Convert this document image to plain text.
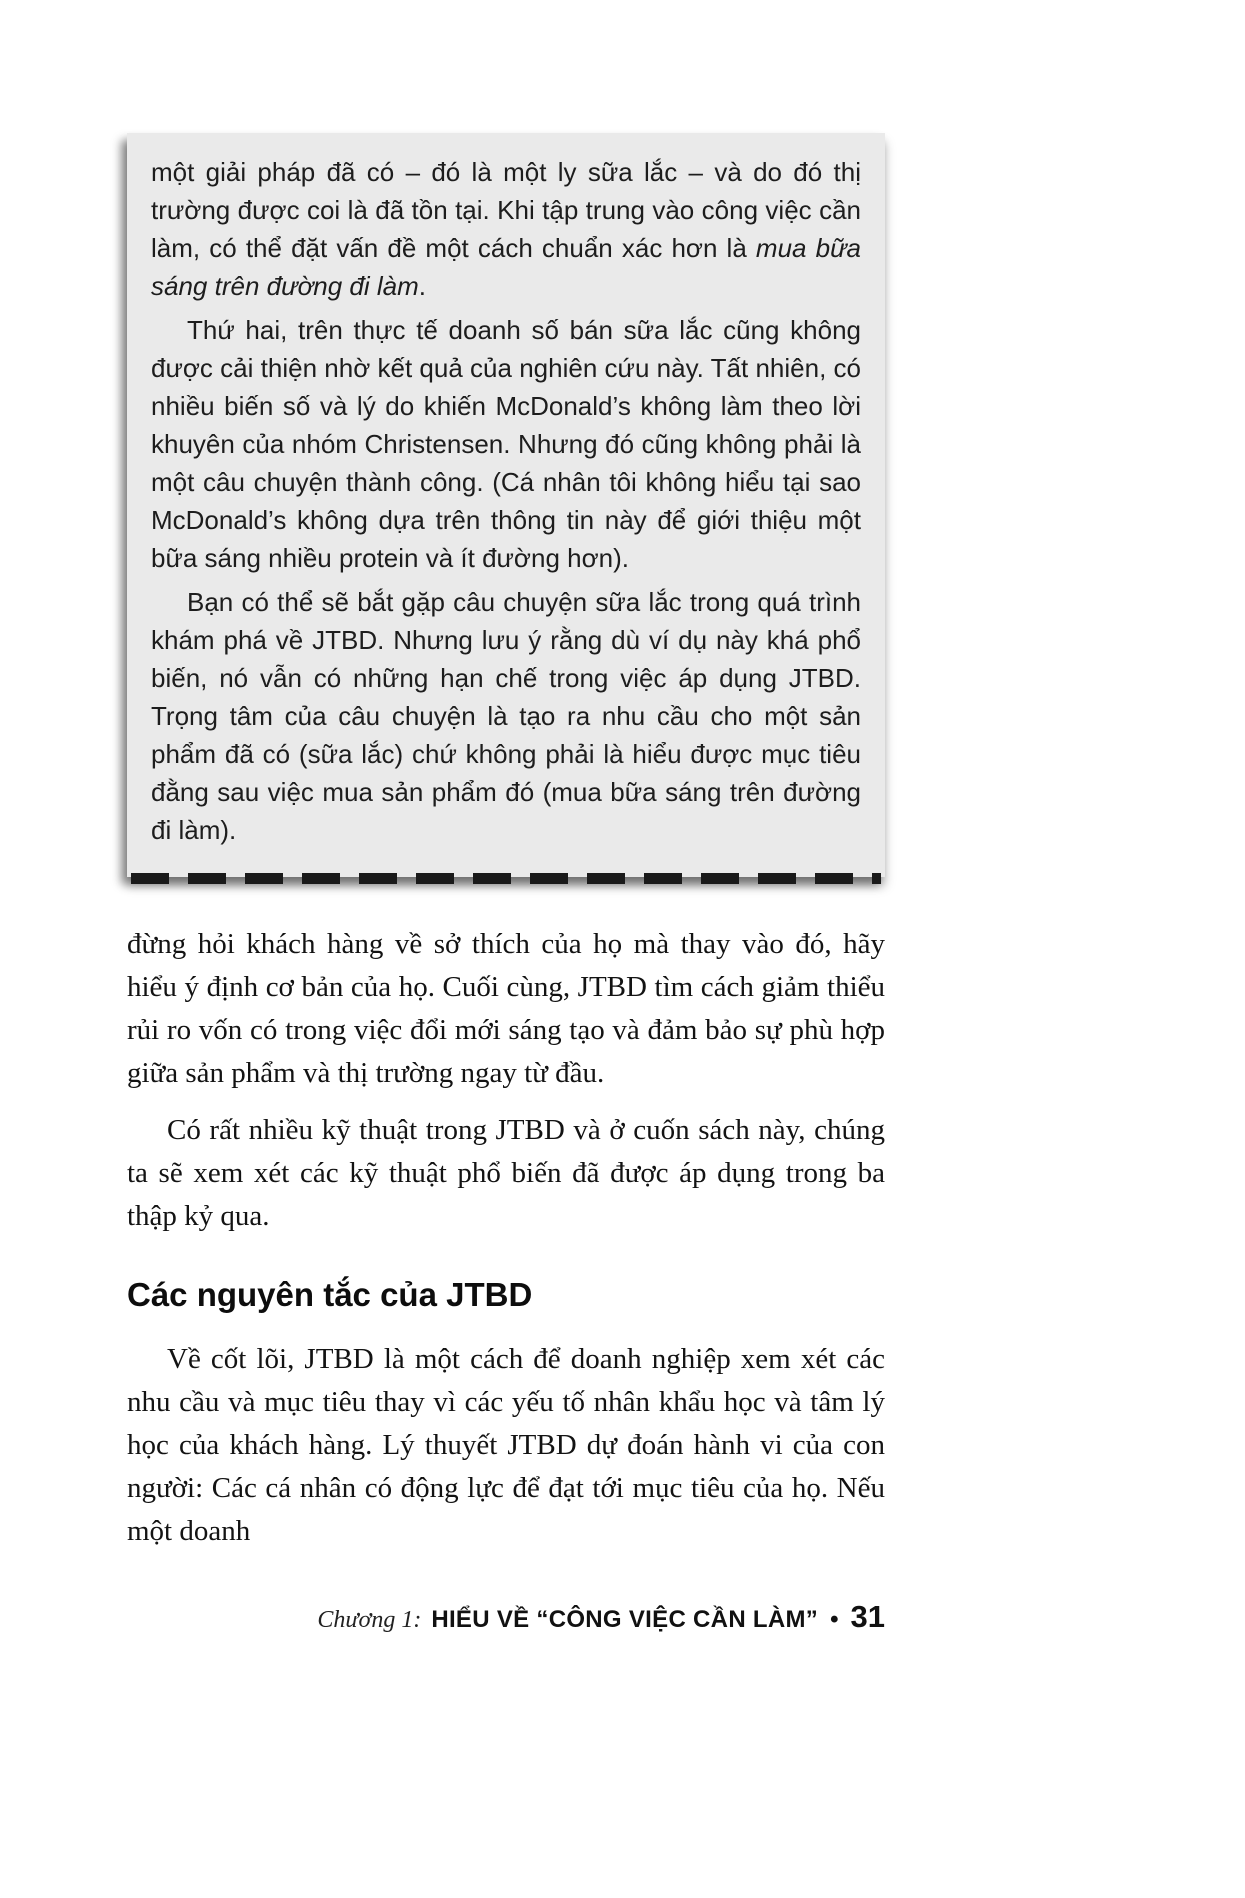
một giải pháp đã có – đó là một ly sữa lắc – và do đó thị trường được coi là đã tồn tại. Khi tập trung vào công việc cần làm, có thể đặt vấn đề một cách chuẩn xác hơn là mua bữa sáng trên đường đi làm.

Thứ hai, trên thực tế doanh số bán sữa lắc cũng không được cải thiện nhờ kết quả của nghiên cứu này. Tất nhiên, có nhiều biến số và lý do khiến McDonald’s không làm theo lời khuyên của nhóm Christensen. Nhưng đó cũng không phải là một câu chuyện thành công. (Cá nhân tôi không hiểu tại sao McDonald’s không dựa trên thông tin này để giới thiệu một bữa sáng nhiều protein và ít đường hơn).

Bạn có thể sẽ bắt gặp câu chuyện sữa lắc trong quá trình khám phá về JTBD. Nhưng lưu ý rằng dù ví dụ này khá phổ biến, nó vẫn có những hạn chế trong việc áp dụng JTBD. Trọng tâm của câu chuyện là tạo ra nhu cầu cho một sản phẩm đã có (sữa lắc) chứ không phải là hiểu được mục tiêu đằng sau việc mua sản phẩm đó (mua bữa sáng trên đường đi làm).

đừng hỏi khách hàng về sở thích của họ mà thay vào đó, hãy hiểu ý định cơ bản của họ. Cuối cùng, JTBD tìm cách giảm thiểu rủi ro vốn có trong việc đổi mới sáng tạo và đảm bảo sự phù hợp giữa sản phẩm và thị trường ngay từ đầu.

Có rất nhiều kỹ thuật trong JTBD và ở cuốn sách này, chúng ta sẽ xem xét các kỹ thuật phổ biến đã được áp dụng trong ba thập kỷ qua.

Các nguyên tắc của JTBD

Về cốt lõi, JTBD là một cách để doanh nghiệp xem xét các nhu cầu và mục tiêu thay vì các yếu tố nhân khẩu học và tâm lý học của khách hàng. Lý thuyết JTBD dự đoán hành vi của con người: Các cá nhân có động lực để đạt tới mục tiêu của họ. Nếu một doanh

Chương 1: HIỂU VỀ “CÔNG VIỆC CẦN LÀM” • 31
